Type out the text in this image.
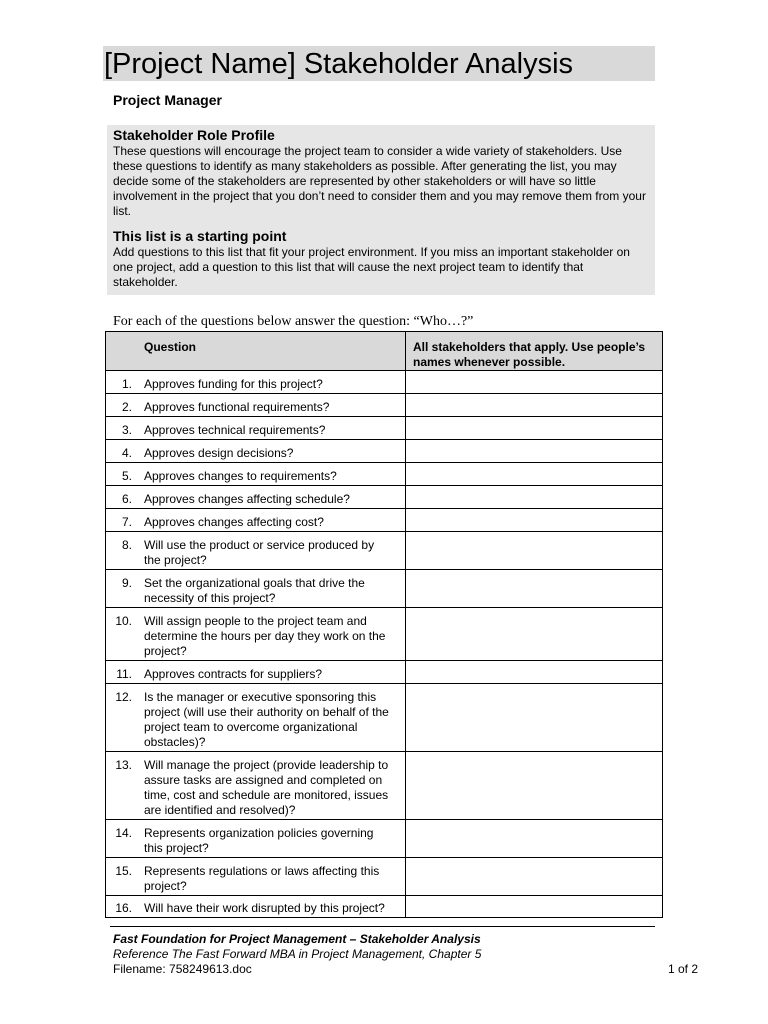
[Project Name] Stakeholder Analysis
Project Manager
Stakeholder Role Profile
These questions will encourage the project team to consider a wide variety of stakeholders. Use these questions to identify as many stakeholders as possible. After generating the list, you may decide some of the stakeholders are represented by other stakeholders or will have so little involvement in the project that you don’t need to consider them and you may remove them from your list.
This list is a starting point
Add questions to this list that fit your project environment. If you miss an important stakeholder on one project, add a question to this list that will cause the next project team to identify that stakeholder.
For each of the questions below answer the question: “Who…?”
Question	All stakeholders that apply. Use people’s names whenever possible.

1. Approves funding for this project?	

2. Approves functional requirements?	

3. Approves technical requirements?	

4. Approves design decisions?	

5. Approves changes to requirements?	

6. Approves changes affecting schedule?	

7. Approves changes affecting cost?	

8. Will use the product or service produced by the project?	

9. Set the organizational goals that drive the necessity of this project?	

10. Will assign people to the project team and determine the hours per day they work on the project?	

11. Approves contracts for suppliers?	

12. Is the manager or executive sponsoring this project (will use their authority on behalf of the project team to overcome organizational obstacles)?	

13. Will manage the project (provide leadership to assure tasks are assigned and completed on time, cost and schedule are monitored, issues are identified and resolved)?	

14. Represents organization policies governing this project?	

15. Represents regulations or laws affecting this project?	

16. Will have their work disrupted by this project?	

Fast Foundation for Project Management – Stakeholder Analysis
Reference The Fast Forward MBA in Project Management, Chapter 5
Filename: 758249613.doc	1 of 2
